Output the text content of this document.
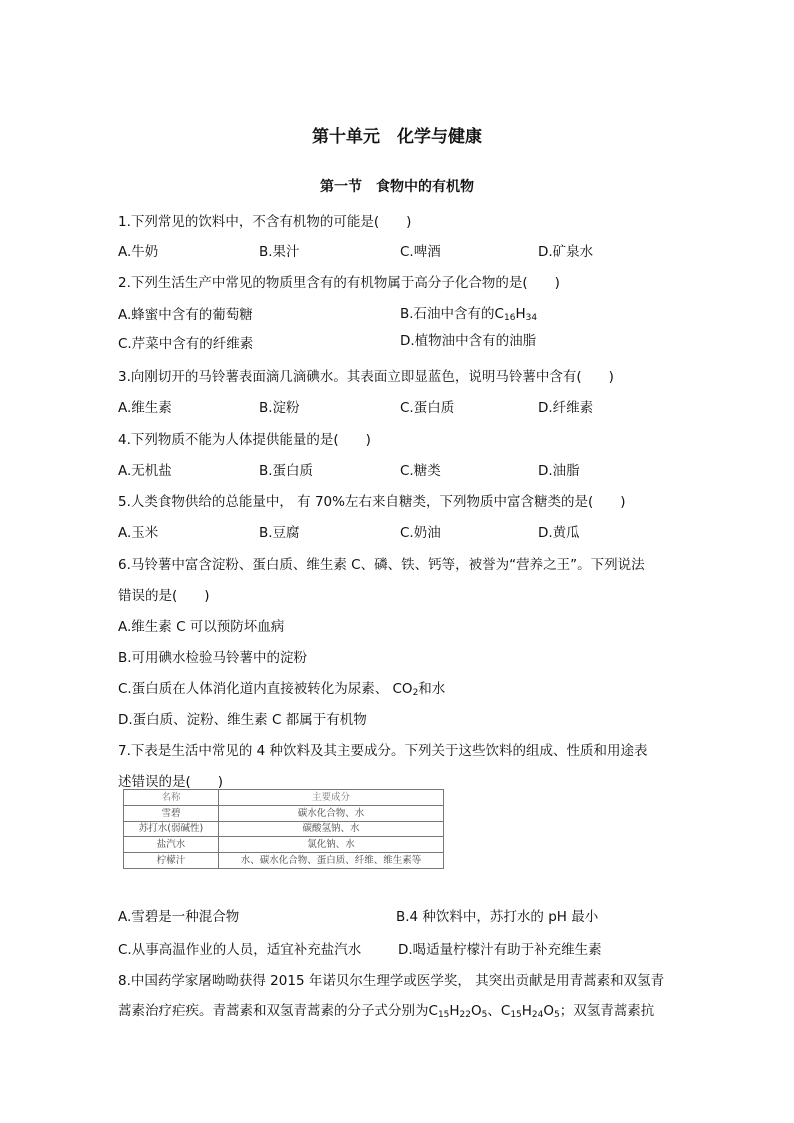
第十单元　化学与健康
第一节　食物中的有机物
1.下列常见的饮料中，不含有机物的可能是(　　)
A.牛奶	B.果汁	C.啤酒	D.矿泉水
2.下列生活生产中常见的物质里含有的有机物属于高分子化合物的是(　　)
A.蜂蜜中含有的葡萄糖	B.石油中含有的$C_{16}H_{34}$
C.芹菜中含有的纤维素	D.植物油中含有的油脂
3.向刚切开的马铃薯表面滴几滴碘水。其表面立即显蓝色，说明马铃薯中含有(　　)
A.维生素	B.淀粉	C.蛋白质	D.纤维素
4.下列物质不能为人体提供能量的是(　　)
A.无机盐	B.蛋白质	C.糖类	D.油脂
5.人类食物供给的总能量中， 有 70%左右来自糖类，下列物质中富含糖类的是(　　)
A.玉米	B.豆腐	C.奶油	D.黄瓜
6.马铃薯中富含淀粉、蛋白质、维生素 C、磷、铁、钙等，被誉为“营养之王”。下列说法
错误的是(　　)
A.维生素 C 可以预防坏血病
B.可用碘水检验马铃薯中的淀粉
C.蛋白质在人体消化道内直接被转化为尿素、 $CO_2$和水
D.蛋白质、淀粉、维生素 C 都属于有机物
7.下表是生活中常见的 4 种饮料及其主要成分。下列关于这些饮料的组成、性质和用途表
述错误的是(　　)
名称	主要成分
雪碧	碳水化合物、水
苏打水(弱碱性)	碳酸氢钠、水
盐汽水	氯化钠、水
柠檬汁	水、碳水化合物、蛋白质、纤维、维生素等
A.雪碧是一种混合物	B.4 种饮料中，苏打水的 pH 最小
C.从事高温作业的人员，适宜补充盐汽水	D.喝适量柠檬汁有助于补充维生素
8.中国药学家屠呦呦获得 2015 年诺贝尔生理学或医学奖， 其突出贡献是用青蒿素和双氢青
蒿素治疗疟疾。青蒿素和双氢青蒿素的分子式分别为$C_{15}H_{22}O_5$、$C_{15}H_{24}O_5$；双氢青蒿素抗
